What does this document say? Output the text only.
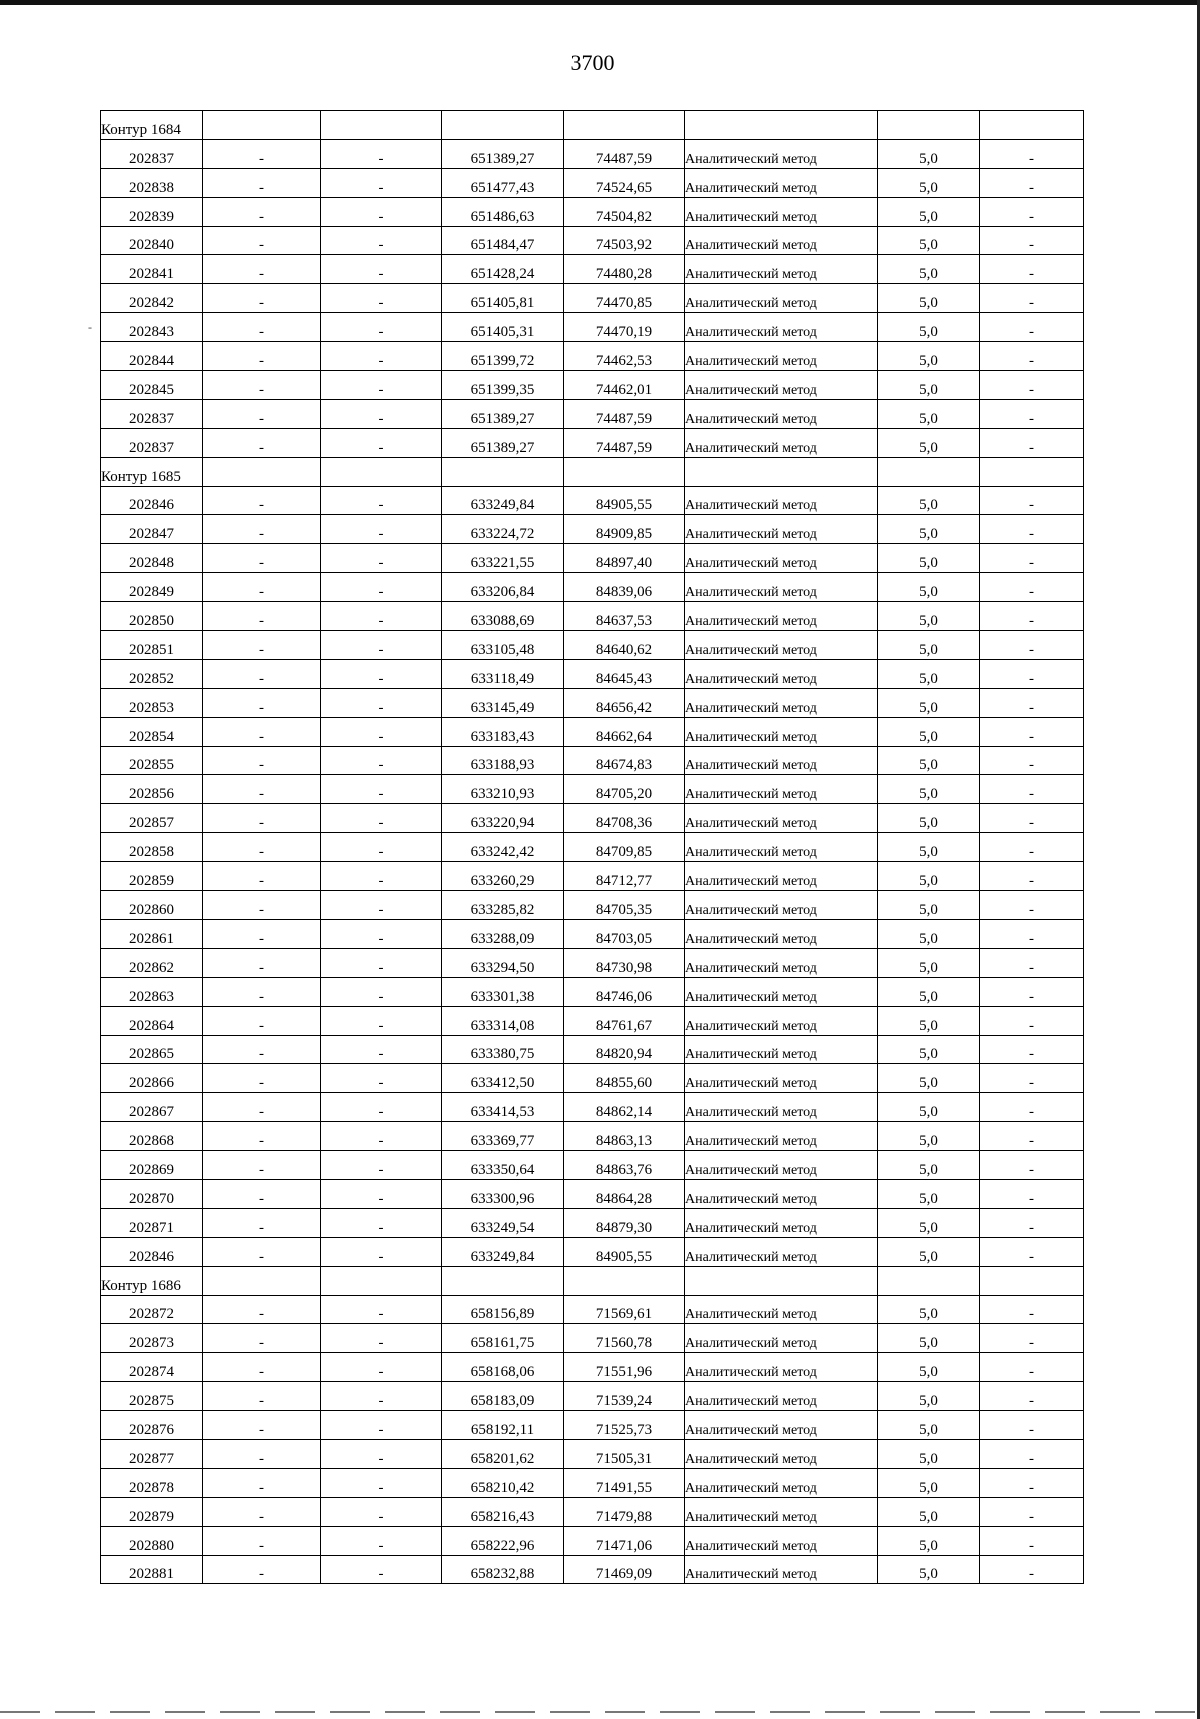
3700
-
Контур 1684							
202837	-	-	651389,27	74487,59	Аналитический метод	5,0	-
202838	-	-	651477,43	74524,65	Аналитический метод	5,0	-
202839	-	-	651486,63	74504,82	Аналитический метод	5,0	-
202840	-	-	651484,47	74503,92	Аналитический метод	5,0	-
202841	-	-	651428,24	74480,28	Аналитический метод	5,0	-
202842	-	-	651405,81	74470,85	Аналитический метод	5,0	-
202843	-	-	651405,31	74470,19	Аналитический метод	5,0	-
202844	-	-	651399,72	74462,53	Аналитический метод	5,0	-
202845	-	-	651399,35	74462,01	Аналитический метод	5,0	-
202837	-	-	651389,27	74487,59	Аналитический метод	5,0	-
202837	-	-	651389,27	74487,59	Аналитический метод	5,0	-
Контур 1685							
202846	-	-	633249,84	84905,55	Аналитический метод	5,0	-
202847	-	-	633224,72	84909,85	Аналитический метод	5,0	-
202848	-	-	633221,55	84897,40	Аналитический метод	5,0	-
202849	-	-	633206,84	84839,06	Аналитический метод	5,0	-
202850	-	-	633088,69	84637,53	Аналитический метод	5,0	-
202851	-	-	633105,48	84640,62	Аналитический метод	5,0	-
202852	-	-	633118,49	84645,43	Аналитический метод	5,0	-
202853	-	-	633145,49	84656,42	Аналитический метод	5,0	-
202854	-	-	633183,43	84662,64	Аналитический метод	5,0	-
202855	-	-	633188,93	84674,83	Аналитический метод	5,0	-
202856	-	-	633210,93	84705,20	Аналитический метод	5,0	-
202857	-	-	633220,94	84708,36	Аналитический метод	5,0	-
202858	-	-	633242,42	84709,85	Аналитический метод	5,0	-
202859	-	-	633260,29	84712,77	Аналитический метод	5,0	-
202860	-	-	633285,82	84705,35	Аналитический метод	5,0	-
202861	-	-	633288,09	84703,05	Аналитический метод	5,0	-
202862	-	-	633294,50	84730,98	Аналитический метод	5,0	-
202863	-	-	633301,38	84746,06	Аналитический метод	5,0	-
202864	-	-	633314,08	84761,67	Аналитический метод	5,0	-
202865	-	-	633380,75	84820,94	Аналитический метод	5,0	-
202866	-	-	633412,50	84855,60	Аналитический метод	5,0	-
202867	-	-	633414,53	84862,14	Аналитический метод	5,0	-
202868	-	-	633369,77	84863,13	Аналитический метод	5,0	-
202869	-	-	633350,64	84863,76	Аналитический метод	5,0	-
202870	-	-	633300,96	84864,28	Аналитический метод	5,0	-
202871	-	-	633249,54	84879,30	Аналитический метод	5,0	-
202846	-	-	633249,84	84905,55	Аналитический метод	5,0	-
Контур 1686							
202872	-	-	658156,89	71569,61	Аналитический метод	5,0	-
202873	-	-	658161,75	71560,78	Аналитический метод	5,0	-
202874	-	-	658168,06	71551,96	Аналитический метод	5,0	-
202875	-	-	658183,09	71539,24	Аналитический метод	5,0	-
202876	-	-	658192,11	71525,73	Аналитический метод	5,0	-
202877	-	-	658201,62	71505,31	Аналитический метод	5,0	-
202878	-	-	658210,42	71491,55	Аналитический метод	5,0	-
202879	-	-	658216,43	71479,88	Аналитический метод	5,0	-
202880	-	-	658222,96	71471,06	Аналитический метод	5,0	-
202881	-	-	658232,88	71469,09	Аналитический метод	5,0	-
